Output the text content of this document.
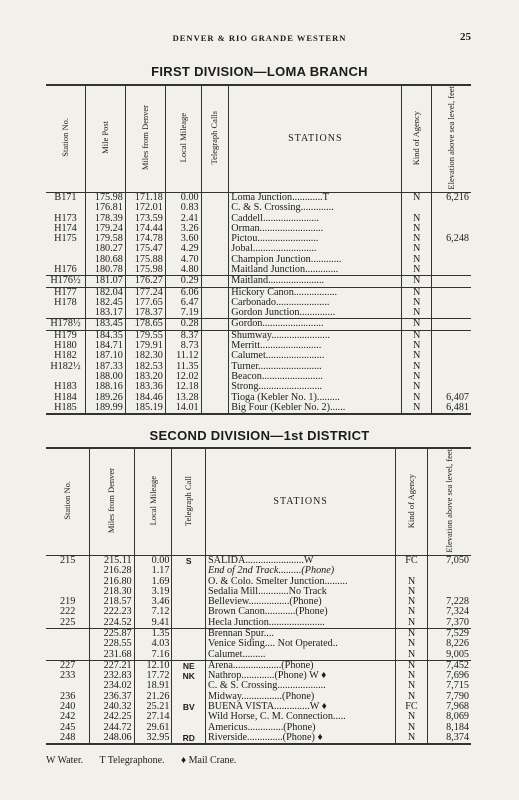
DENVER & RIO GRANDE WESTERN	25
FIRST DIVISION—LOMA BRANCH
Station No.	Mile Post	Miles from Denver	Local Mileage	Telegraph Calls	STATIONS	Kind of Agency	Elevation above sea level, feet
B171	175.98	171.18	0.00		Loma Junction............T	N	6,216
	176.81	172.01	0.83		C. & S. Crossing.............		
H173	178.39	173.59	2.41		Caddell......................	N	
H174	179.24	174.44	3.26		Orman.........................	N	
H175	179.58	174.78	3.60		Pictou........................	N	6,248
	180.27	175.47	4.29		Jobal.........................	N	
	180.68	175.88	4.70		Champion Junction............	N	
H176	180.78	175.98	4.80		Maitland Junction.............	N	
H176½	181.07	176.27	0.29		Maitland......................	N	
H177	182.04	177.24	6.06		Hickory Canon.................	N	
H178	182.45	177.65	6.47		Carbonado.....................	N	
	183.17	178.37	7.19		Gordon Junction..............	N	
H178½	183.45	178.65	0.28		Gordon........................	N	
H179	184.35	179.55	8.37		Shumway.......................	N	
H180	184.71	179.91	8.73		Merritt........................	N	
H182	187.10	182.30	11.12		Calumet.......................	N	
H182½	187.33	182.53	11.35		Turner.........................	N	
	188.00	183.20	12.02		Beacon........................	N	
H183	188.16	183.36	12.18		Strong.........................	N	
H184	189.26	184.46	13.28		Tioga (Kebler No. 1).........	N	6,407
H185	189.99	185.19	14.01		Big Four (Kebler No. 2)......	N	6,481
SECOND DIVISION—1st DISTRICT
Station No.	Miles from Denver	Local Mileage	Telegraph Call	STATIONS	Kind of Agency	Elevation above sea level, feet
215	215.11	0.00	S	SALIDA.......................W	FC	7,050
	216.28	1.17		End of 2nd Track.........(Phone)		
	216.80	1.69		O. & Colo. Smelter Junction.........	N	
	218.30	3.19		Sedalia Mill............No Track	N	
219	218.57	3.46		Belleview................(Phone)	N	7,228
222	222.23	7.12		Brown Canon............(Phone)	N	7,324
225	224.52	9.41		Hecla Junction......................	N	7,370
	225.87	1.35		Brennan Spur....	N	7,529
	228.55	4.03		Venice Siding.... Not Operated..	N	8,226
	231.68	7.16		Calumet.........	N	9,005
227	227.21	12.10	NE	Arena...................(Phone)	N	7,452
233	232.83	17.72	NK	Nathrop.............(Phone) W ♦	N	7,696
	234.02	18.91		C. & S. Crossing...................	N	7,715
236	236.37	21.26		Midway................(Phone)	N	7,790
240	240.32	25.21	BV	BUENA VISTA..............W ♦	FC	7,968
242	242.25	27.14		Wild Horse, C. M. Connection.....	N	8,069
245	244.72	29.61		Americus..............(Phone)	N	8,184
248	248.06	32.95	RD	Riverside..............(Phone) ♦	N	8,374
W Water. T Telegraphone. ♦ Mail Crane.
